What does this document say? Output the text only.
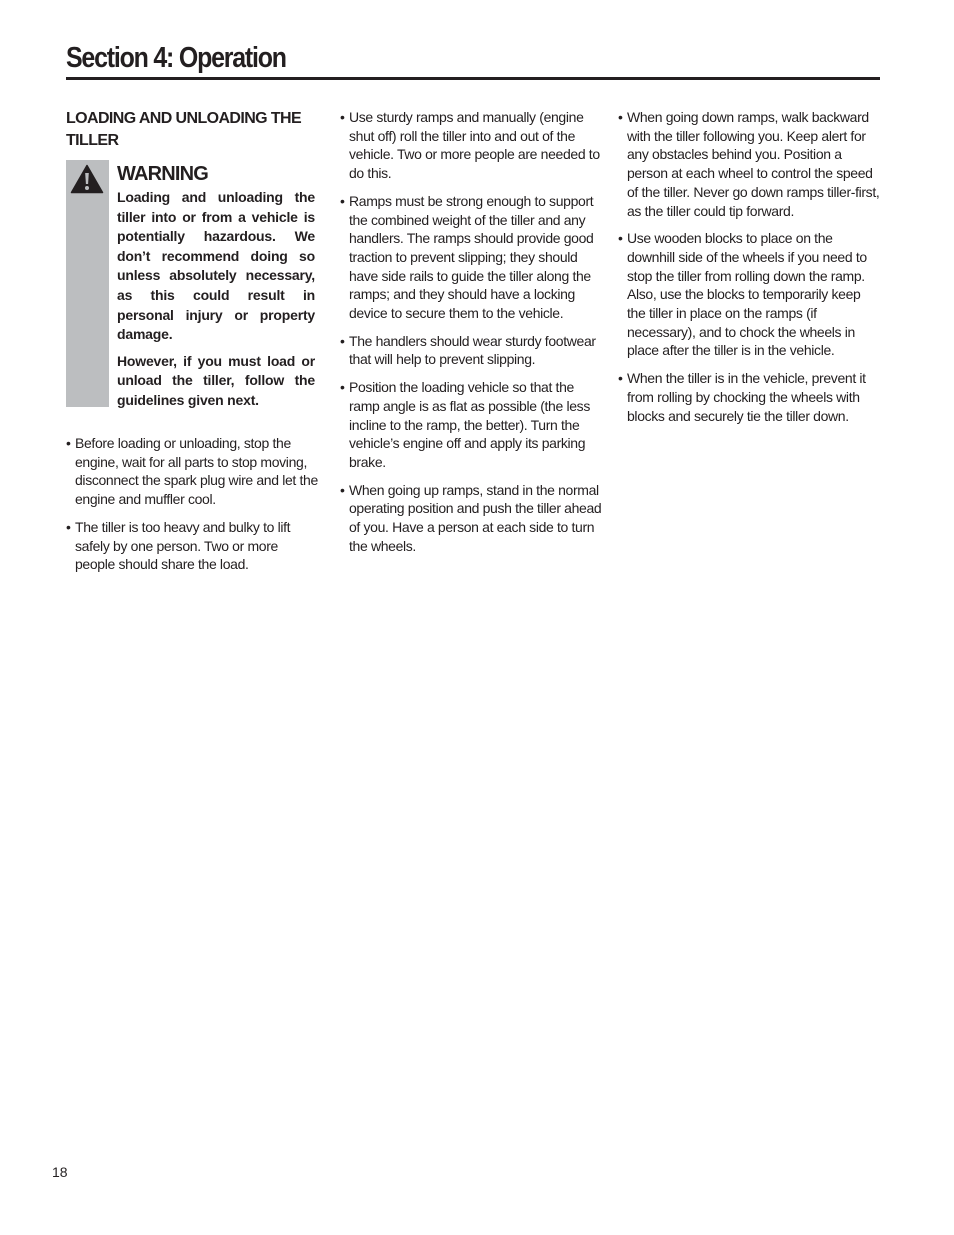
Section 4: Operation
LOADING AND UNLOADING THE TILLER
WARNING

Loading and unloading the tiller into or from a vehicle is potentially hazardous. We don’t recommend doing so unless absolutely necessary, as this could result in personal injury or property damage.

However, if you must load or unload the tiller, follow the guidelines given next.

• Before loading or unloading, stop the engine, wait for all parts to stop moving, disconnect the spark plug wire and let the engine and muffler cool.
• The tiller is too heavy and bulky to lift safely by one person. Two or more people should share the load.
• Use sturdy ramps and manually (engine shut off) roll the tiller into and out of the vehicle. Two or more people are needed to do this.
• Ramps must be strong enough to support the combined weight of the tiller and any handlers. The ramps should provide good traction to prevent slipping; they should have side rails to guide the tiller along the ramps; and they should have a locking device to secure them to the vehicle.
• The handlers should wear sturdy footwear that will help to prevent slipping.
• Position the loading vehicle so that the ramp angle is as flat as possible (the less incline to the ramp, the better). Turn the vehicle’s engine off and apply its parking brake.
• When going up ramps, stand in the normal operating position and push the tiller ahead of you. Have a person at each side to turn the wheels.
• When going down ramps, walk backward with the tiller following you. Keep alert for any obstacles behind you. Position a person at each wheel to control the speed of the tiller. Never go down ramps tiller-first, as the tiller could tip forward.
• Use wooden blocks to place on the downhill side of the wheels if you need to stop the tiller from rolling down the ramp. Also, use the blocks to temporarily keep the tiller in place on the ramps (if necessary), and to chock the wheels in place after the tiller is in the vehicle.
• When the tiller is in the vehicle, prevent it from rolling by chocking the wheels with blocks and securely tie the tiller down.
18
